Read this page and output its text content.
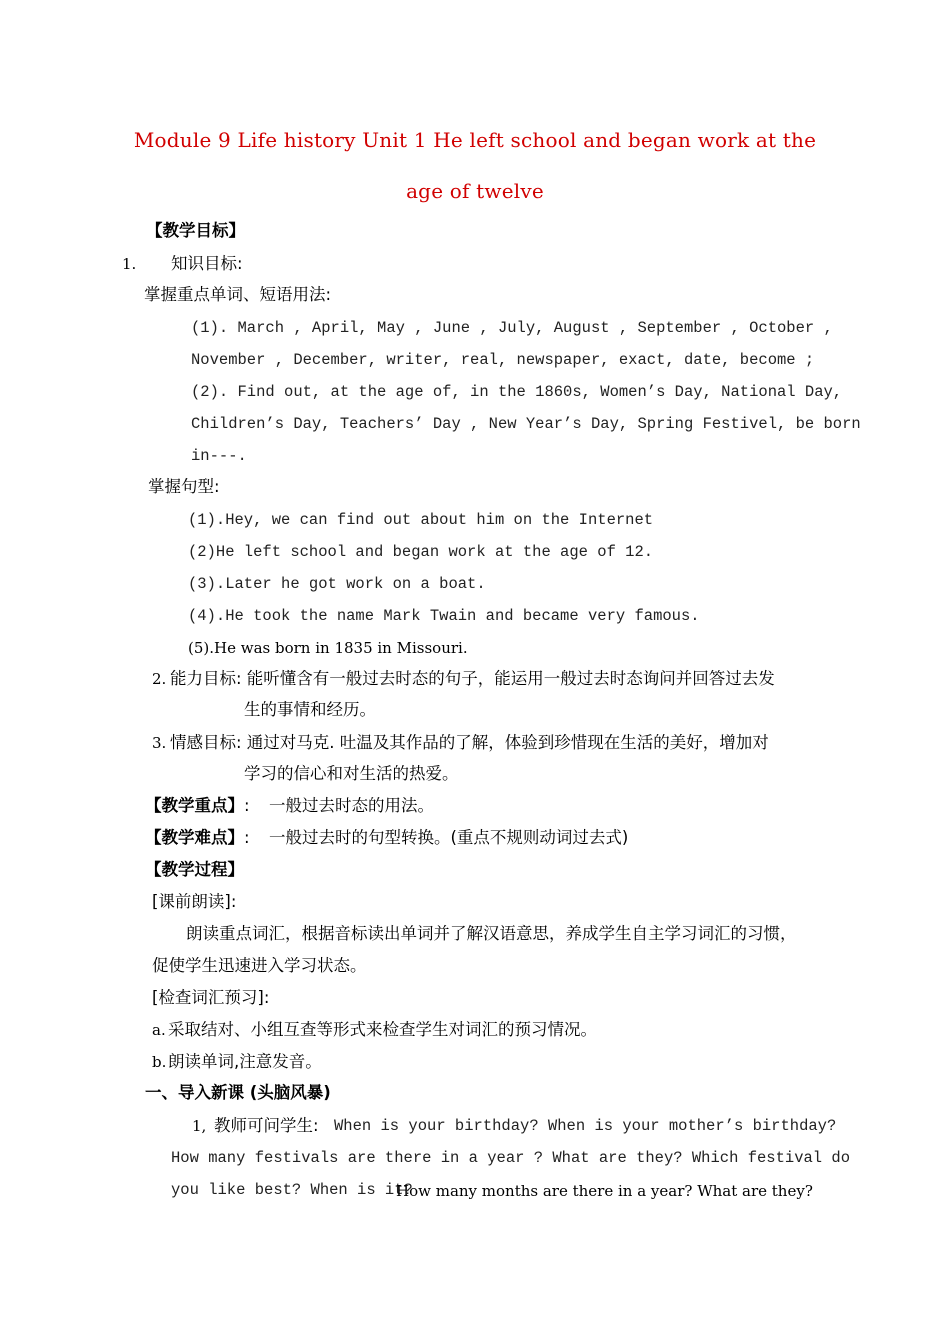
Module 9 Life history Unit 1 He left school and began work at the
age of twelve
【教学目标】
1. 知识目标:
掌握重点单词、短语用法:
(1). March , April, May , June , July, August , September , October ,
November , December, writer, real, newspaper, exact, date, become ;
(2). Find out, at the age of, in the 1860s, Women’s Day, National Day,
Children’s Day, Teachers’ Day , New Year’s Day, Spring Festivel, be born
in---.
掌握句型:
(1).Hey, we can find out about him on the Internet
(2)He left school and began work at the age of 12.
(3).Later he got work on a boat.
(4).He took the name Mark Twain and became very famous.
(5).He was born in 1835 in Missouri.
2. 能力目标: 能听懂含有一般过去时态的句子，能运用一般过去时态询问并回答过去发
生的事情和经历。
3. 情感目标: 通过对马克. 吐温及其作品的了解，体验到珍惜现在生活的美好，增加对
学习的信心和对生活的热爱。
【教学重点】 : 一般过去时态的用法。
【教学难点】 : 一般过去时的句型转换。(重点不规则动词过去式)
【教学过程】
[课前朗读]:
朗读重点词汇，根据音标读出单词并了解汉语意思，养成学生自主学习词汇的习惯，
促使学生迅速进入学习状态。
[检查词汇预习]:
a. 采取结对、小组互查等形式来检查学生对词汇的预习情况。
b. 朗读单词,注意发音。
一、导入新课 (头脑风暴)
1, 教师可问学生: When is your birthday? When is your mother’s birthday?
How many festivals are there in a year ? What are they? Which festival do
you like best? When is it?
How many months are there in a year? What are they?
